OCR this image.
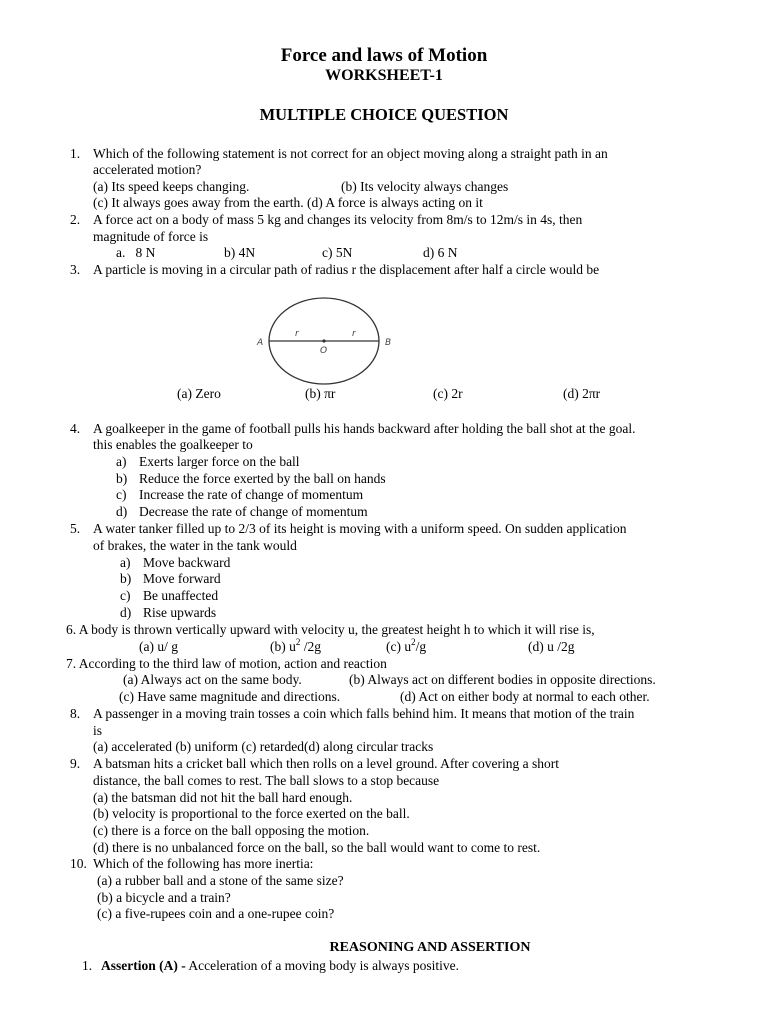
Force and laws of Motion
WORKSHEET-1
MULTIPLE CHOICE QUESTION
1. Which of the following statement is not correct for an object moving along a straight path in an
accelerated motion?
(a) Its speed keeps changing.	(b) Its velocity always changes
(c) It always goes away from the earth. (d) A force is always acting on it
2. A force act on a body of mass 5 kg and changes its velocity from 8m/s to 12m/s in 4s, then
magnitude of force is
a.   8 N	b) 4N	c) 5N	d) 6 N
3. A particle is moving in a circular path of radius r the displacement after half a circle would be
A	B
r	r
O
(a) Zero	(b) πr	(c) 2r	(d) 2πr
4. A goalkeeper in the game of football pulls his hands backward after holding the ball shot at the goal.
this enables the goalkeeper to
a) Exerts larger force on the ball
b) Reduce the force exerted by the ball on hands
c) Increase the rate of change of momentum
d) Decrease the rate of change of momentum
5. A water tanker filled up to 2/3 of its height is moving with a uniform speed. On sudden application
of brakes, the water in the tank would
a) Move backward
b) Move forward
c) Be unaffected
d) Rise upwards
6. A body is thrown vertically upward with velocity u, the greatest height h to which it will rise is,
(a) u/ g	(b) $u^2$ /2g	(c) $u^2/g$	(d) u /2g
7. According to the third law of motion, action and reaction
(a) Always act on the same body.	(b) Always act on different bodies in opposite directions.
(c) Have same magnitude and directions.	(d) Act on either body at normal to each other.
8. A passenger in a moving train tosses a coin which falls behind him. It means that motion of the train
is
(a) accelerated (b) uniform (c) retarded(d) along circular tracks
9. A batsman hits a cricket ball which then rolls on a level ground. After covering a short
distance, the ball comes to rest. The ball slows to a stop because
(a) the batsman did not hit the ball hard enough.
(b) velocity is proportional to the force exerted on the ball.
(c) there is a force on the ball opposing the motion.
(d) there is no unbalanced force on the ball, so the ball would want to come to rest.
10. Which of the following has more inertia:
(a) a rubber ball and a stone of the same size?
(b) a bicycle and a train?
(c) a five-rupees coin and a one-rupee coin?
REASONING AND ASSERTION
1. Assertion (A) - Acceleration of a moving body is always positive.
